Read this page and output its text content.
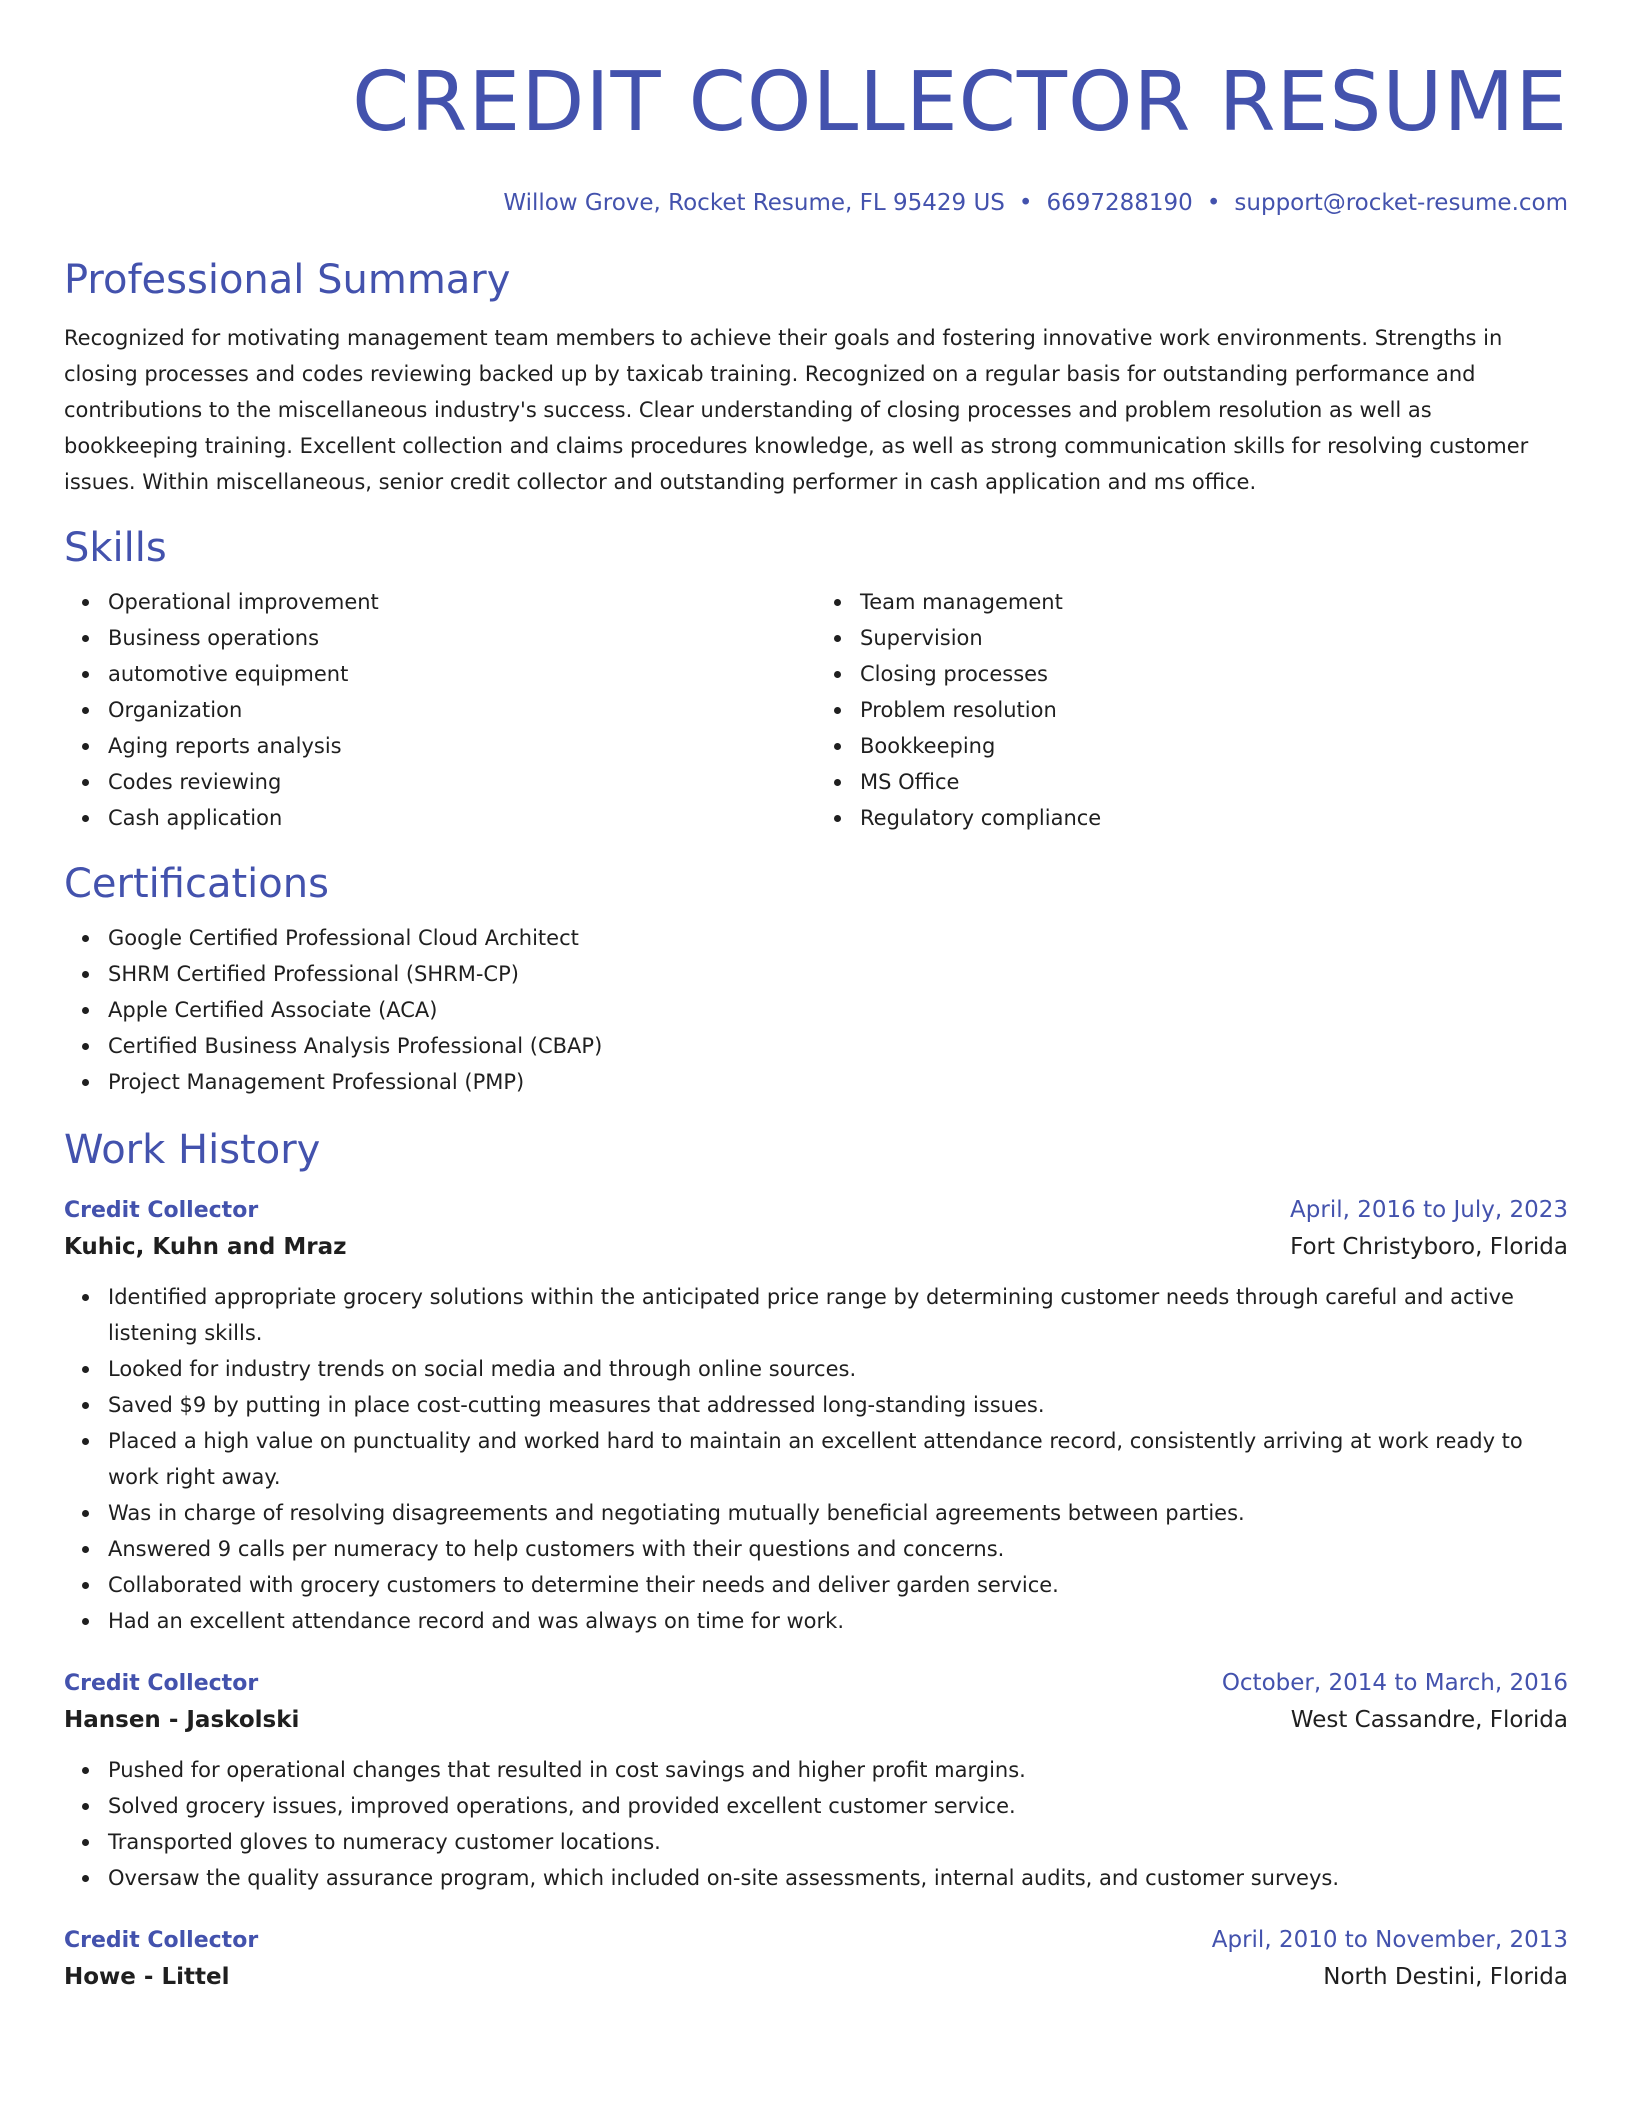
CREDIT COLLECTOR RESUME
Willow Grove, Rocket Resume, FL 95429 US • 6697288190 • support@rocket-resume.com
Professional Summary
Recognized for motivating management team members to achieve their goals and fostering innovative work environments. Strengths in closing processes and codes reviewing backed up by taxicab training. Recognized on a regular basis for outstanding performance and contributions to the miscellaneous industry's success. Clear understanding of closing processes and problem resolution as well as bookkeeping training. Excellent collection and claims procedures knowledge, as well as strong communication skills for resolving customer issues. Within miscellaneous, senior credit collector and outstanding performer in cash application and ms office.
Skills
Operational improvement
Business operations
automotive equipment
Organization
Aging reports analysis
Codes reviewing
Cash application
Team management
Supervision
Closing processes
Problem resolution
Bookkeeping
MS Office
Regulatory compliance
Certifications
Google Certified Professional Cloud Architect
SHRM Certified Professional (SHRM-CP)
Apple Certified Associate (ACA)
Certified Business Analysis Professional (CBAP)
Project Management Professional (PMP)
Work History
Credit Collector	April, 2016 to July, 2023
Kuhic, Kuhn and Mraz	Fort Christyboro, Florida
Identified appropriate grocery solutions within the anticipated price range by determining customer needs through careful and active listening skills.
Looked for industry trends on social media and through online sources.
Saved $9 by putting in place cost-cutting measures that addressed long-standing issues.
Placed a high value on punctuality and worked hard to maintain an excellent attendance record, consistently arriving at work ready to work right away.
Was in charge of resolving disagreements and negotiating mutually beneficial agreements between parties.
Answered 9 calls per numeracy to help customers with their questions and concerns.
Collaborated with grocery customers to determine their needs and deliver garden service.
Had an excellent attendance record and was always on time for work.
Credit Collector	October, 2014 to March, 2016
Hansen - Jaskolski	West Cassandre, Florida
Pushed for operational changes that resulted in cost savings and higher profit margins.
Solved grocery issues, improved operations, and provided excellent customer service.
Transported gloves to numeracy customer locations.
Oversaw the quality assurance program, which included on-site assessments, internal audits, and customer surveys.
Credit Collector	April, 2010 to November, 2013
Howe - Littel	North Destini, Florida
